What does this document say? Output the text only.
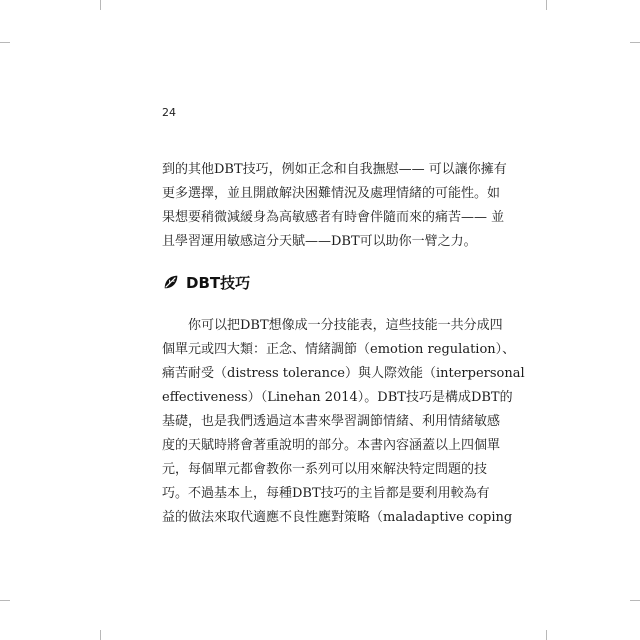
24
到的其他DBT技巧，例如正念和自我撫慰—— 可以讓你擁有
更多選擇，並且開啟解決困難情況及處理情緒的可能性。如
果想要稍微減緩身為高敏感者有時會伴隨而來的痛苦—— 並
且學習運用敏感這分天賦——DBT可以助你一臂之力。
DBT技巧
你可以把DBT想像成一分技能表，這些技能一共分成四
個單元或四大類：正念、情緒調節（emotion regulation）、
痛苦耐受（distress tolerance）與人際效能（interpersonal
effectiveness）（Linehan 2014）。DBT技巧是構成DBT的
基礎，也是我們透過這本書來學習調節情緒、利用情緒敏感
度的天賦時將會著重說明的部分。本書內容涵蓋以上四個單
元，每個單元都會教你一系列可以用來解決特定問題的技
巧。不過基本上，每種DBT技巧的主旨都是要利用較為有
益的做法來取代適應不良性應對策略（maladaptive coping
